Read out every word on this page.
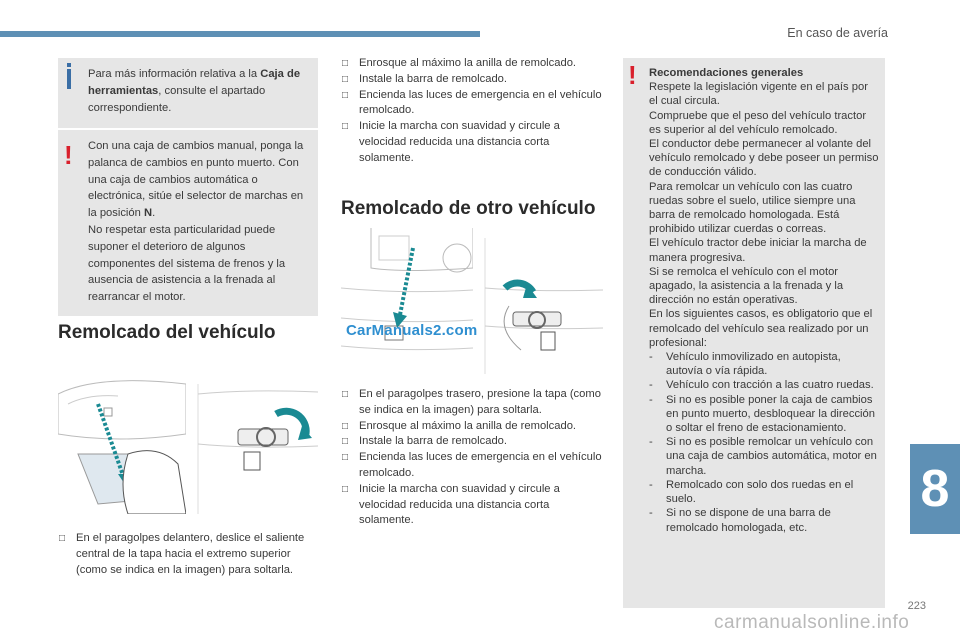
En caso de avería
8
223
Para más información relativa a la Caja de herramientas, consulte el apartado correspondiente.
! Con una caja de cambios manual, ponga la palanca de cambios en punto muerto. Con una caja de cambios automática o electrónica, sitúe el selector de marchas en la posición N.

No respetar esta particularidad puede suponer el deterioro de algunos componentes del sistema de frenos y la ausencia de asistencia a la frenada al rearrancar el motor.

Remolcado del vehículo
□ En el paragolpes delantero, deslice el saliente central de la tapa hacia el extremo superior (como se indica en la imagen) para soltarla.
□ Enrosque al máximo la anilla de remolcado.
□ Instale la barra de remolcado.
□ Encienda las luces de emergencia en el vehículo remolcado.
□ Inicie la marcha con suavidad y circule a velocidad reducida una distancia corta solamente.
Remolcado de otro vehículo
CarManuals2.com
□ En el paragolpes trasero, presione la tapa (como se indica en la imagen) para soltarla.
□ Enrosque al máximo la anilla de remolcado.
□ Instale la barra de remolcado.
□ Encienda las luces de emergencia en el vehículo remolcado.
□ Inicie la marcha con suavidad y circule a velocidad reducida una distancia corta solamente.
! Recomendaciones generales

Respete la legislación vigente en el país por el cual circula.

Compruebe que el peso del vehículo tractor es superior al del vehículo remolcado.

El conductor debe permanecer al volante del vehículo remolcado y debe poseer un permiso de conducción válido.

Para remolcar un vehículo con las cuatro ruedas sobre el suelo, utilice siempre una barra de remolcado homologada. Está prohibido utilizar cuerdas o correas.

El vehículo tractor debe iniciar la marcha de manera progresiva.

Si se remolca el vehículo con el motor apagado, la asistencia a la frenada y la dirección no están operativas.

En los siguientes casos, es obligatorio que el remolcado del vehículo sea realizado por un profesional:

- Vehículo inmovilizado en autopista, autovía o vía rápida.
- Vehículo con tracción a las cuatro ruedas.
- Si no es posible poner la caja de cambios en punto muerto, desbloquear la dirección o soltar el freno de estacionamiento.
- Si no es posible remolcar un vehículo con una caja de cambios automática, motor en marcha.
- Remolcado con solo dos ruedas en el suelo.
- Si no se dispone de una barra de remolcado homologada, etc.
carmanualsonline.info
